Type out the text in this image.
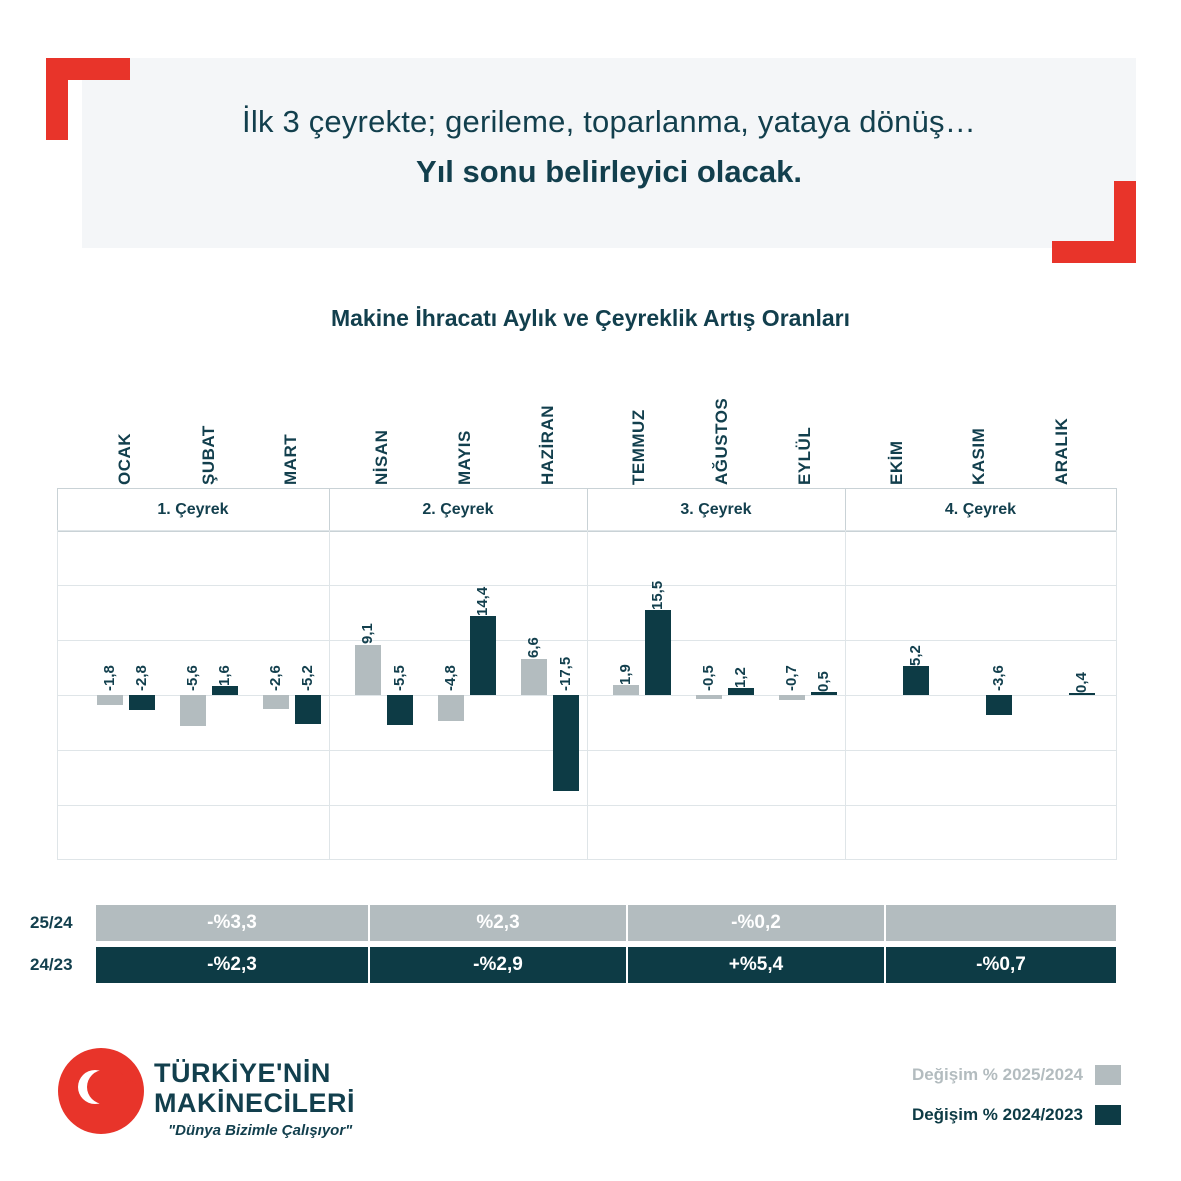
İlk 3 çeyrekte; gerileme, toparlanma, yataya dönüş…
Yıl sonu belirleyici olacak.
Makine İhracatı Aylık ve Çeyreklik Artış Oranları
OCAK	ŞUBAT	MART	NİSAN	MAYIS	HAZİRAN	TEMMUZ	AĞUSTOS	EYLÜL	EKİM	KASIM	ARALIK
1. Çeyrek	2. Çeyrek	3. Çeyrek	4. Çeyrek
-1,8 -2,8 -5,6 1,6 -2,6 -5,2
9,1
-5,5 -4,8
14,4
6,6
-17,5	1,9
15,5
-0,5 1,2 -0,7 0,5
5,2
-3,6	0,4
25/24	-%3,3	%2,3	-%0,2
24/23	-%2,3	-%2,9	+%5,4	-%0,7
★ TÜRKİYE'NİN
MAKİNECİLERİ
"Dünya Bizimle Çalışıyor"
Değişim % 2025/2024
Değişim % 2024/2023
